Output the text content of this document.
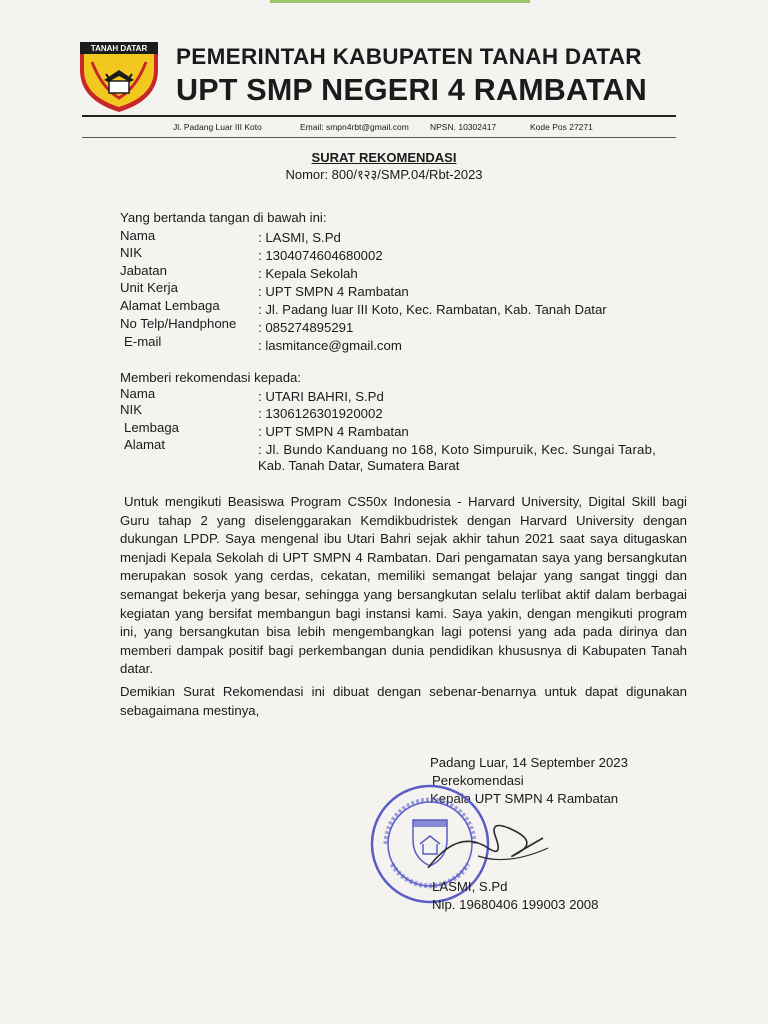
TANAH DATAR PEMERINTAH KABUPATEN TANAH DATAR
UPT SMP NEGERI 4 RAMBATAN
Jl. Padang Luar III Koto	Email: smpn4rbt@gmail.com NPSN. 10302417	Kode Pos 27271
SURAT REKOMENDASI
Nomor: 800/१२३/SMP.04/Rbt-2023
Yang bertanda tangan di bawah ini:
Nama	: LASMI, S.Pd
NIK	: 1304074604680002
Jabatan	: Kepala Sekolah
Unit Kerja	: UPT SMPN 4 Rambatan
Alamat Lembaga	: Jl. Padang luar III Koto, Kec. Rambatan, Kab. Tanah Datar
No Telp/Handphone : 085274895291
E-mail	: lasmitance@gmail.com
Memberi rekomendasi kepada:
Nama	: UTARI BAHRI, S.Pd
NIK	: 1306126301920002
Lembaga	: UPT SMPN 4 Rambatan
Alamat	: Jl. Bundo Kanduang no 168, Koto Simpuruik, Kec. Sungai Tarab,
Kab. Tanah Datar, Sumatera Barat
Untuk mengikuti Beasiswa Program CS50x Indonesia - Harvard University, Digital Skill bagi Guru tahap 2 yang diselenggarakan Kemdikbudristek dengan Harvard University dengan dukungan LPDP. Saya mengenal ibu Utari Bahri sejak akhir tahun 2021 saat saya ditugaskan menjadi Kepala Sekolah di UPT SMPN 4 Rambatan. Dari pengamatan saya yang bersangkutan merupakan sosok yang cerdas, cekatan, memiliki semangat belajar yang sangat tinggi dan semangat bekerja yang besar, sehingga yang bersangkutan selalu terlibat aktif dalam berbagai kegiatan yang bersifat membangun bagi instansi kami. Saya yakin, dengan mengikuti program ini, yang bersangkutan bisa lebih mengembangkan lagi potensi yang ada pada dirinya dan memberi dampak positif bagi perkembangan dunia pendidikan khususnya di Kabupaten Tanah datar.
Demikian Surat Rekomendasi ini dibuat dengan sebenar-benarnya untuk dapat digunakan sebagaimana mestinya,
Padang Luar, 14 September 2023
Perekomendasi
Kepala UPT SMPN 4 Rambatan
LASMI, S.Pd
Nip. 19680406 199003 2008
